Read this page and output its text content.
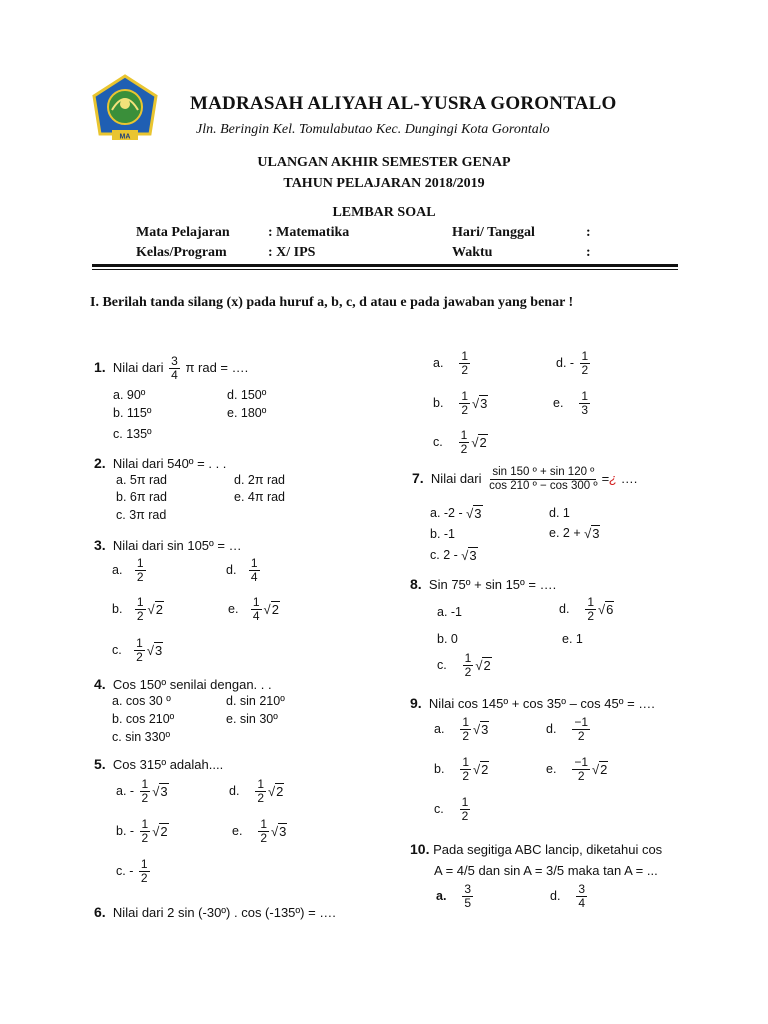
MA
MADRASAH ALIYAH AL-YUSRA GORONTALO
Jln. Beringin Kel. Tomulabutao Kec. Dungingi Kota Gorontalo
ULANGAN AKHIR SEMESTER GENAP
TAHUN PELAJARAN 2018/2019
LEMBAR SOAL
Mata Pelajaran	: Matematika	Hari/ Tanggal	:
Kelas/Program	: X/ IPS	Waktu	:
I. Berilah tanda silang (x) pada huruf a, b, c, d atau e pada jawaban yang benar !
1. Nilai dari $\frac{3}{4}$ π rad = ….
a. 90º
b. 115º
c. 135º
d. 150º
e. 180º
2. Nilai dari 540º = . . .
a. 5π rad
b. 6π rad
c. 3π rad
d. 2π rad
e. 4π rad
3. Nilai dari sin 105º = …
a. $\frac{1}{2}$	d. $\frac{1}{4}$
b. $\frac{1}{2} √2$	e. $\frac{1}{4} √2$
c. $\frac{1}{2} √3$
4. Cos 150º senilai dengan. . .
a. cos 30 º
b. cos 210º
c. sin 330º
d. sin 210º
e. sin 30º
5. Cos 315º adalah....
a. - $\frac{1}{2} √3$	d. $\frac{1}{2} √2$
b. - $\frac{1}{2} √2$	e. $\frac{1}{2} √3$
c. - $\frac{1}{2}$
6. Nilai dari 2 sin (-30º) . cos (-135º) = ….
a. $\frac{1}{2}$	d. - $\frac{1}{2}$
b. $\frac{1}{2} √3$	e. $\frac{1}{3}$
c. $\frac{1}{2} √2$
7. Nilai dari $\frac{\text{sin 150 º + sin 120 º}}{\text{cos 210 º − cos 300 º}}$ =¿ ….
a. -2 - √3
b. -1
c. 2 - √3
d. 1
e. 2 + √3
8. Sin 75º + sin 15º = ….
a. -1
b. 0
c. $\frac{1}{2} √2$
d. $\frac{1}{2} √6$
e. 1
9. Nilai cos 145º + cos 35º – cos 45º = ….
a. $\frac{1}{2} √3$	d. $\frac{-1}{2}$
b. $\frac{1}{2} √2$	e. $\frac{-1}{2} √2$
c. $\frac{1}{2}$
10. Pada segitiga ABC lancip, diketahui cos
A = 4/5 dan sin A = 3/5 maka tan A = ...
a. $\frac{3}{5}$	d. $\frac{3}{4}$
